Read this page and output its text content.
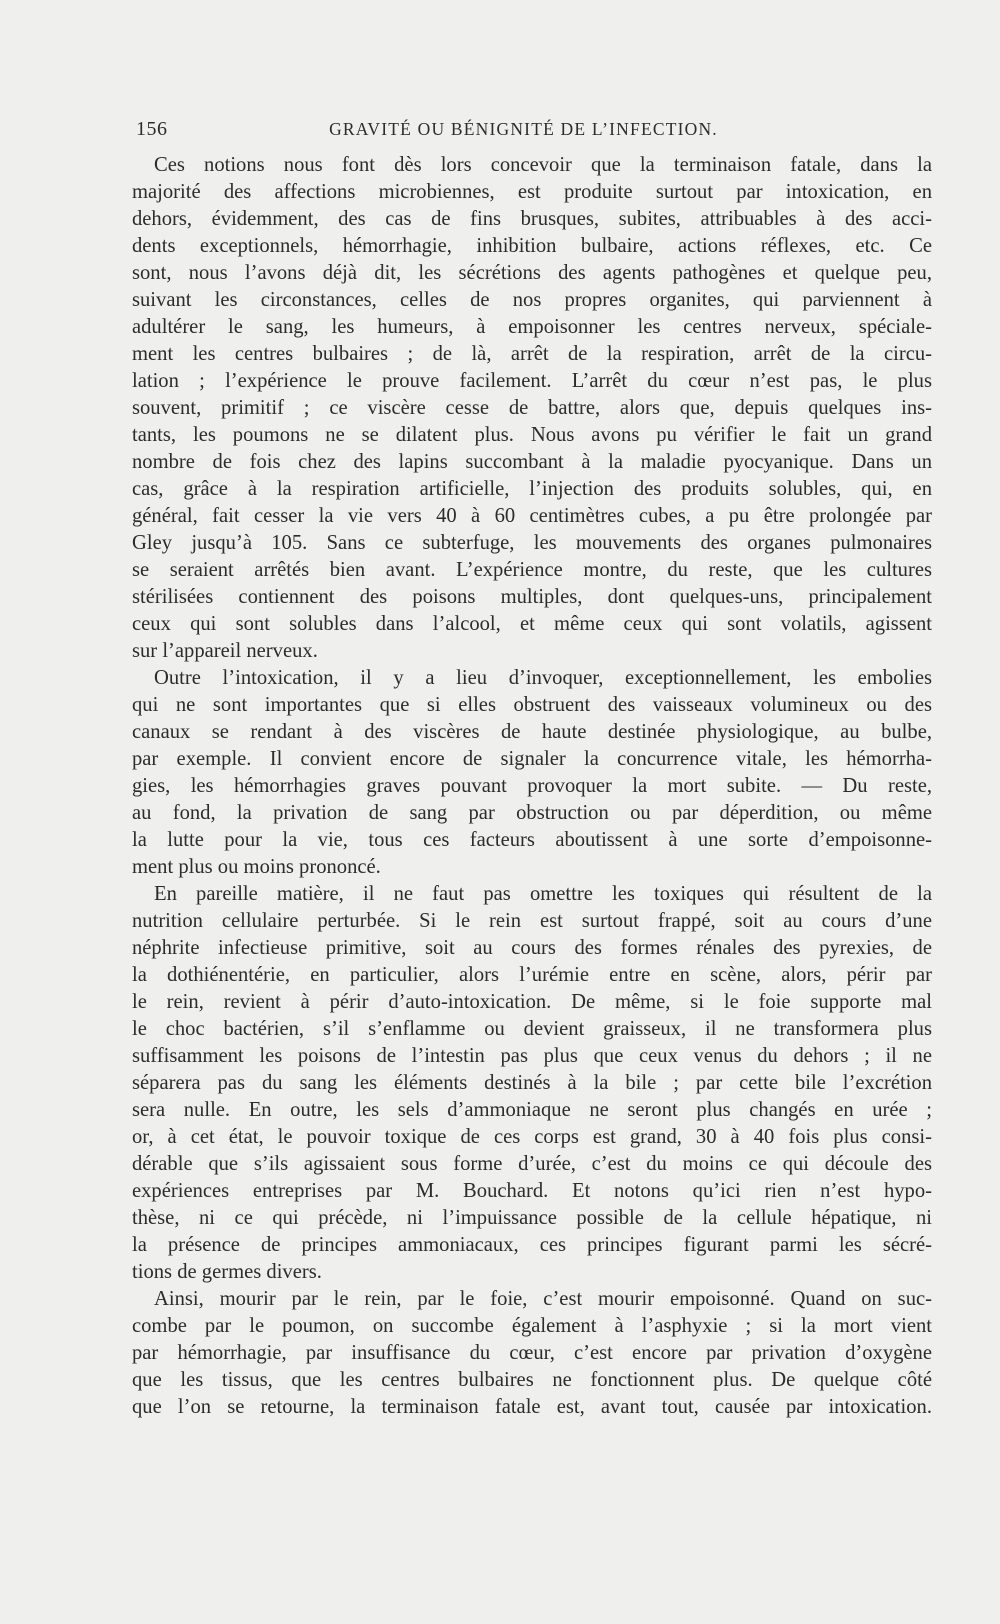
156	GRAVITÉ OU BÉNIGNITÉ DE L’INFECTION.
Ces notions nous font dès lors concevoir que la terminaison fatale, dans la
majorité des affections microbiennes, est produite surtout par intoxication, en
dehors, évidemment, des cas de fins brusques, subites, attribuables à des acci-
dents exceptionnels, hémorrhagie, inhibition bulbaire, actions réflexes, etc. Ce
sont, nous l’avons déjà dit, les sécrétions des agents pathogènes et quelque peu,
suivant les circonstances, celles de nos propres organites, qui parviennent à
adultérer le sang, les humeurs, à empoisonner les centres nerveux, spéciale-
ment les centres bulbaires ; de là, arrêt de la respiration, arrêt de la circu-
lation ; l’expérience le prouve facilement. L’arrêt du cœur n’est pas, le plus
souvent, primitif ; ce viscère cesse de battre, alors que, depuis quelques ins-
tants, les poumons ne se dilatent plus. Nous avons pu vérifier le fait un grand
nombre de fois chez des lapins succombant à la maladie pyocyanique. Dans un
cas, grâce à la respiration artificielle, l’injection des produits solubles, qui, en
général, fait cesser la vie vers 40 à 60 centimètres cubes, a pu être prolongée par
Gley jusqu’à 105. Sans ce subterfuge, les mouvements des organes pulmonaires
se seraient arrêtés bien avant. L’expérience montre, du reste, que les cultures
stérilisées contiennent des poisons multiples, dont quelques-uns, principalement
ceux qui sont solubles dans l’alcool, et même ceux qui sont volatils, agissent
sur l’appareil nerveux.
Outre l’intoxication, il y a lieu d’invoquer, exceptionnellement, les embolies
qui ne sont importantes que si elles obstruent des vaisseaux volumineux ou des
canaux se rendant à des viscères de haute destinée physiologique, au bulbe,
par exemple. Il convient encore de signaler la concurrence vitale, les hémorrha-
gies, les hémorrhagies graves pouvant provoquer la mort subite. — Du reste,
au fond, la privation de sang par obstruction ou par déperdition, ou même
la lutte pour la vie, tous ces facteurs aboutissent à une sorte d’empoisonne-
ment plus ou moins prononcé.
En pareille matière, il ne faut pas omettre les toxiques qui résultent de la
nutrition cellulaire perturbée. Si le rein est surtout frappé, soit au cours d’une
néphrite infectieuse primitive, soit au cours des formes rénales des pyrexies, de
la dothiénentérie, en particulier, alors l’urémie entre en scène, alors, périr par
le rein, revient à périr d’auto-intoxication. De même, si le foie supporte mal
le choc bactérien, s’il s’enflamme ou devient graisseux, il ne transformera plus
suffisamment les poisons de l’intestin pas plus que ceux venus du dehors ; il ne
séparera pas du sang les éléments destinés à la bile ; par cette bile l’excrétion
sera nulle. En outre, les sels d’ammoniaque ne seront plus changés en urée ;
or, à cet état, le pouvoir toxique de ces corps est grand, 30 à 40 fois plus consi-
dérable que s’ils agissaient sous forme d’urée, c’est du moins ce qui découle des
expériences entreprises par M. Bouchard. Et notons qu’ici rien n’est hypo-
thèse, ni ce qui précède, ni l’impuissance possible de la cellule hépatique, ni
la présence de principes ammoniacaux, ces principes figurant parmi les sécré-
tions de germes divers.
Ainsi, mourir par le rein, par le foie, c’est mourir empoisonné. Quand on suc-
combe par le poumon, on succombe également à l’asphyxie ; si la mort vient
par hémorrhagie, par insuffisance du cœur, c’est encore par privation d’oxygène
que les tissus, que les centres bulbaires ne fonctionnent plus. De quelque côté
que l’on se retourne, la terminaison fatale est, avant tout, causée par intoxication.
